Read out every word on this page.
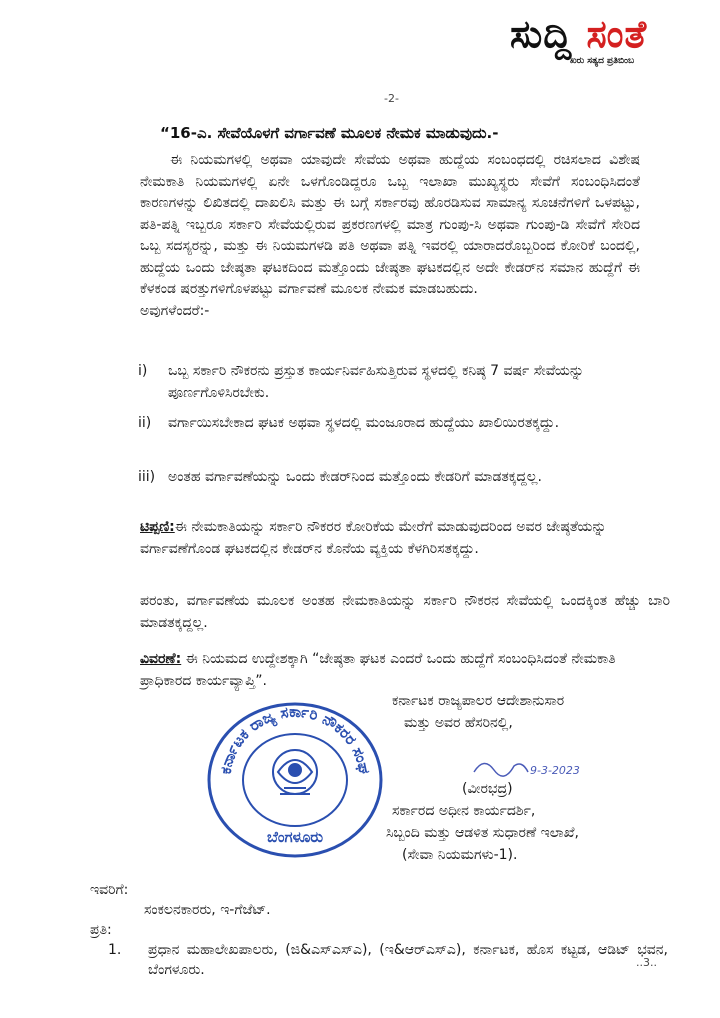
ಸುದ್ದಿ ಸಂತೆ
ಖರು ಸತ್ಯದ ಪ್ರತಿಬಿಂಬ
-2-
“16-ಎ. ಸೇವೆಯೊಳಗೆ ವರ್ಗಾವಣೆ ಮೂಲಕ ನೇಮಕ ಮಾಡುವುದು.-

ಈ ನಿಯಮಗಳಲ್ಲಿ ಅಥವಾ ಯಾವುದೇ ಸೇವೆಯ ಅಥವಾ ಹುದ್ದೆಯ ಸಂಬಂಧದಲ್ಲಿ ರಚಿಸಲಾದ ವಿಶೇಷ ನೇಮಕಾತಿ ನಿಯಮಗಳಲ್ಲಿ ಏನೇ ಒಳಗೊಂಡಿದ್ದರೂ ಒಬ್ಬ ಇಲಾಖಾ ಮುಖ್ಯಸ್ಥರು ಸೇವೆಗೆ ಸಂಬಂಧಿಸಿದಂತೆ ಕಾರಣಗಳನ್ನು ಲಿಖಿತದಲ್ಲಿ ದಾಖಲಿಸಿ ಮತ್ತು ಈ ಬಗ್ಗೆ ಸರ್ಕಾರವು ಹೊರಡಿಸುವ ಸಾಮಾನ್ಯ ಸೂಚನೆಗಳಿಗೆ ಒಳಪಟ್ಟು, ಪತಿ-ಪತ್ನಿ ಇಬ್ಬರೂ ಸರ್ಕಾರಿ ಸೇವೆಯಲ್ಲಿರುವ ಪ್ರಕರಣಗಳಲ್ಲಿ ಮಾತ್ರ ಗುಂಪು-ಸಿ ಅಥವಾ ಗುಂಪು-ಡಿ ಸೇವೆಗೆ ಸೇರಿದ ಒಬ್ಬ ಸದಸ್ಯರನ್ನು, ಮತ್ತು ಈ ನಿಯಮಗಳಡಿ ಪತಿ ಅಥವಾ ಪತ್ನಿ ಇವರಲ್ಲಿ ಯಾರಾದರೊಬ್ಬರಿಂದ ಕೋರಿಕೆ ಬಂದಲ್ಲಿ, ಹುದ್ದೆಯ ಒಂದು ಜೇಷ್ಠತಾ ಘಟಕದಿಂದ ಮತ್ತೊಂದು ಜೇಷ್ಠತಾ ಘಟಕದಲ್ಲಿನ ಅದೇ ಕೇಡರ್‌ನ ಸಮಾನ ಹುದ್ದೆಗೆ ಈ ಕೆಳಕಂಡ ಷರತ್ತುಗಳಿಗೊಳಪಟ್ಟು ವರ್ಗಾವಣೆ ಮೂಲಕ ನೇಮಕ ಮಾಡಬಹುದು.

ಅವುಗಳೆಂದರೆ:-

i)	ಒಬ್ಬ ಸರ್ಕಾರಿ ನೌಕರನು ಪ್ರಸ್ತುತ ಕಾರ್ಯನಿರ್ವಹಿಸುತ್ತಿರುವ ಸ್ಥಳದಲ್ಲಿ ಕನಿಷ್ಠ 7 ವರ್ಷ ಸೇವೆಯನ್ನು ಪೂರ್ಣಗೊಳಿಸಿರಬೇಕು.
ii)	ವರ್ಗಾಯಿಸಬೇಕಾದ ಘಟಕ ಅಥವಾ ಸ್ಥಳದಲ್ಲಿ ಮಂಜೂರಾದ ಹುದ್ದೆಯು ಖಾಲಿಯಿರತಕ್ಕದ್ದು.
iii) ಅಂತಹ ವರ್ಗಾವಣೆಯನ್ನು ಒಂದು ಕೇಡರ್‌ನಿಂದ ಮತ್ತೊಂದು ಕೇಡರಿಗೆ ಮಾಡತಕ್ಕದ್ದಲ್ಲ.
ಟಿಪ್ಪಣಿ:ಈ ನೇಮಕಾತಿಯನ್ನು ಸರ್ಕಾರಿ ನೌಕರರ ಕೋರಿಕೆಯ ಮೇರೆಗೆ ಮಾಡುವುದರಿಂದ ಅವರ ಜೇಷ್ಠತೆಯನ್ನು ವರ್ಗಾವಣೆಗೊಂಡ ಘಟಕದಲ್ಲಿನ ಕೇಡರ್‌ನ ಕೊನೆಯ ವ್ಯಕ್ತಿಯ ಕೆಳಗಿರಿಸತಕ್ಕದ್ದು.
ಪರಂತು, ವರ್ಗಾವಣೆಯ ಮೂಲಕ ಅಂತಹ ನೇಮಕಾತಿಯನ್ನು ಸರ್ಕಾರಿ ನೌಕರನ ಸೇವೆಯಲ್ಲಿ ಒಂದಕ್ಕಿಂತ ಹೆಚ್ಚು ಬಾರಿ ಮಾಡತಕ್ಕದ್ದಲ್ಲ.
ವಿವರಣೆ: ಈ ನಿಯಮದ ಉದ್ದೇಶಕ್ಕಾಗಿ “ಜೇಷ್ಠತಾ ಘಟಕ ಎಂದರೆ ಒಂದು ಹುದ್ದೆಗೆ ಸಂಬಂಧಿಸಿದಂತೆ ನೇಮಕಾತಿ ಪ್ರಾಧಿಕಾರದ ಕಾರ್ಯವ್ಯಾಪ್ತಿ”.
ಕರ್ನಾಟಕ ರಾಜ್ಯ ಸರ್ಕಾರಿ ನೌಕರರ ಸಂಘ
ಬೆಂಗಳೂರು
ಕರ್ನಾಟಕ ರಾಜ್ಯಪಾಲರ ಆದೇಶಾನುಸಾರ
ಮತ್ತು ಅವರ ಹೆಸರಿನಲ್ಲಿ,
(ವೀರಭದ್ರ)
ಸರ್ಕಾರದ ಅಧೀನ ಕಾರ್ಯದರ್ಶಿ,
ಸಿಬ್ಬಂದಿ ಮತ್ತು ಆಡಳಿತ ಸುಧಾರಣೆ ಇಲಾಖೆ,
(ಸೇವಾ ನಿಯಮಗಳು-1).
9-3-2023
ಇವರಿಗೆ:
ಸಂಕಲನಕಾರರು, ಇ-ಗೆಜೆಟ್.
ಪ್ರತಿ:
1.	ಪ್ರಧಾನ ಮಹಾಲೇಖಪಾಲರು, (ಜಿ&ಎಸ್‌ಎಸ್‌ಎ), (ಇ&ಆರ್‌ಎಸ್‌ಎ), ಕರ್ನಾಟಕ, ಹೊಸ ಕಟ್ಟಡ, ಆಡಿಟ್ ಭವನ, ಬೆಂಗಳೂರು.	..3..
